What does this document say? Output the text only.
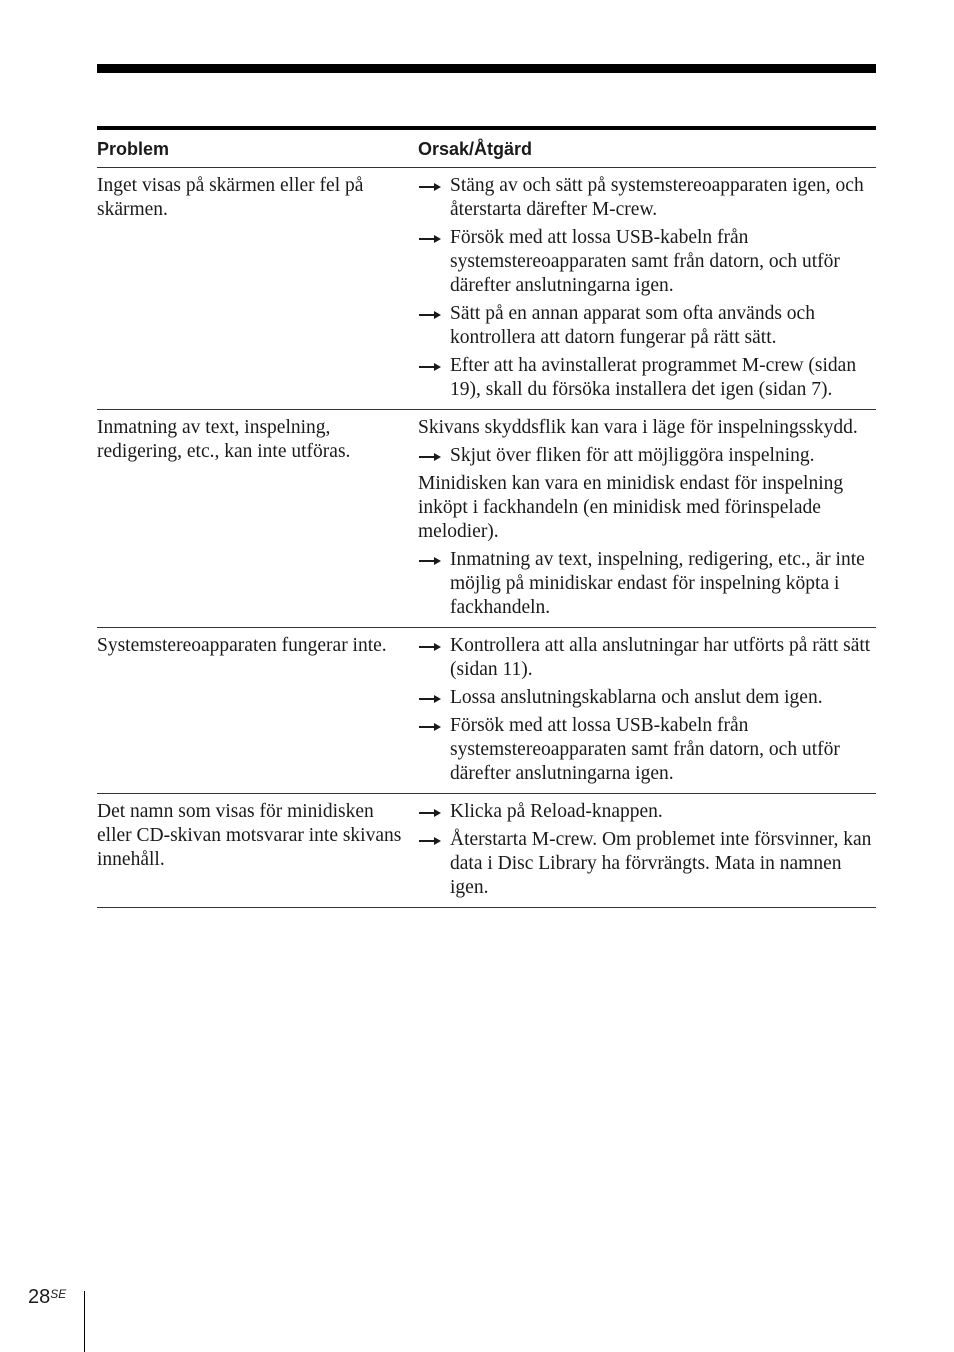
Problem	Orsak/Åtgärd
Inget visas på skärmen eller fel på skärmen.
Stäng av och sätt på systemstereoapparaten igen, och återstarta därefter M-crew.
Försök med att lossa USB-kabeln från systemstereoapparaten samt från datorn, och utför därefter anslutningarna igen.
Sätt på en annan apparat som ofta används och kontrollera att datorn fungerar på rätt sätt.
Efter att ha avinstallerat programmet M-crew (sidan 19), skall du försöka installera det igen (sidan 7).
Inmatning av text, inspelning, redigering, etc., kan inte utföras.
Skivans skyddsflik kan vara i läge för inspelningsskydd.
Skjut över fliken för att möjliggöra inspelning.
Minidisken kan vara en minidisk endast för inspelning inköpt i fackhandeln (en minidisk med förinspelade melodier).
Inmatning av text, inspelning, redigering, etc., är inte möjlig på minidiskar endast för inspelning köpta i fackhandeln.
Systemstereoapparaten fungerar inte.	Kontrollera att alla anslutningar har utförts på rätt sätt (sidan 11).
Lossa anslutningskablarna och anslut dem igen.
Försök med att lossa USB-kabeln från systemstereoapparaten samt från datorn, och utför därefter anslutningarna igen.
Det namn som visas för minidisken eller CD-skivan motsvarar inte skivans innehåll.
Klicka på Reload-knappen.
Återstarta M-crew. Om problemet inte försvinner, kan data i Disc Library ha förvrängts. Mata in namnen igen.
$28^{SE}$
